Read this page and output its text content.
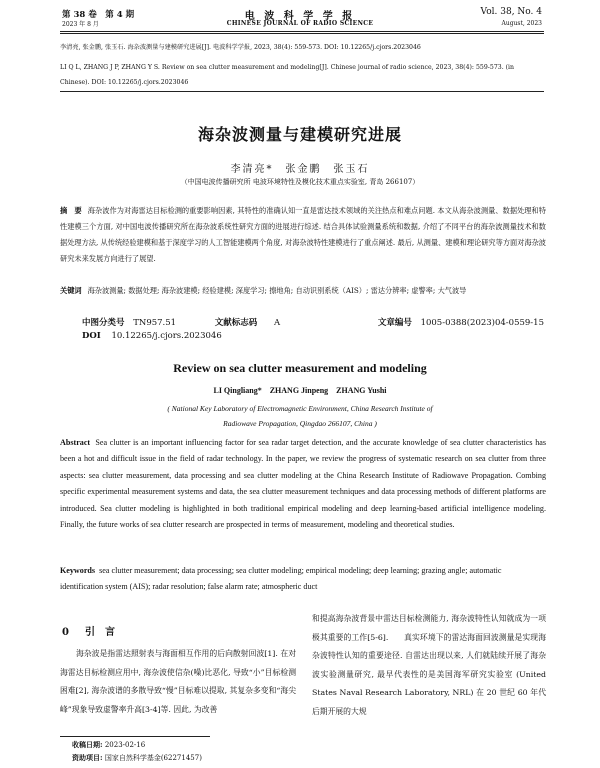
第 38 卷　第 4 期
2023 年 8 月
电 波 科 学 学 报
CHINESE JOURNAL OF RADIO SCIENCE
Vol. 38, No. 4
August, 2023
李清亮, 张金鹏, 张玉石. 海杂波测量与建模研究进展[J]. 电波科学学报, 2023, 38(4): 559-573. DOI: 10.12265/j.cjors.2023046
LI Q L, ZHANG J P, ZHANG Y S. Review on sea clutter measurement and modeling[J]. Chinese journal of radio science, 2023, 38(4): 559-573. (in
Chinese). DOI: 10.12265/j.cjors.2023046
海杂波测量与建模研究进展
李清亮*　张金鹏　张玉石
（中国电波传播研究所 电波环境特性及模化技术重点实验室, 青岛 266107）
摘　要 海杂波作为对海雷达目标检测的重要影响因素, 其特性的准确认知一直是雷达技术领域的关注热点和难点问题. 本文从海杂波测量、数据处理和特性建模三个方面, 对中国电波传播研究所在海杂波系统性研究方面的进展进行综述. 结合具体试验测量系统和数据, 介绍了不同平台的海杂波测量技术和数据处理方法, 从传统经验建模和基于深度学习的人工智能建模两个角度, 对海杂波特性建模进行了重点阐述. 最后, 从测量、建模和理论研究等方面对海杂波研究未来发展方向进行了展望.
关键词 海杂波测量; 数据处理; 海杂波建模; 经验建模; 深度学习; 擦地角; 自动识别系统（AIS）; 雷达分辨率; 虚警率; 大气波导
中图分类号 TN957.51	文献标志码 A	文章编号 1005-0388(2023)04-0559-15
DOI 10.12265/j.cjors.2023046
Review on sea clutter measurement and modeling
LI Qingliang*　ZHANG Jinpeng　ZHANG Yushi
( National Key Laboratory of Electromagnetic Environment, China Research Institute of
Radiowave Propagation, Qingdao 266107, China )
Abstract Sea clutter is an important influencing factor for sea radar target detection, and the accurate knowledge of sea clutter characteristics has been a hot and difficult issue in the field of radar technology. In the paper, we review the progress of systematic research on sea clutter from three aspects: sea clutter measurement, data processing and sea clutter modeling at the China Research Institute of Radiowave Propagation. Combing specific experimental measurement systems and data, the sea clutter measurement techniques and data processing methods of different platforms are introduced. Sea clutter modeling is highlighted in both traditional empirical modeling and deep learning-based artificial intelligence modeling. Finally, the future works of sea clutter research are prospected in terms of measurement, modeling and theoretical studies.
Keywords sea clutter measurement; data processing; sea clutter modeling; empirical modeling; deep learning; grazing angle; automatic identification system (AIS); radar resolution; false alarm rate; atmospheric duct
0 引　言
海杂波是指雷达照射表与海面相互作用的后向散射回波[1]. 在对海雷达目标检测应用中, 海杂波使信杂(噪)比恶化, 导致“小”目标检测困难[2], 海杂波谱的多散导致“慢”目标难以提取, 其复杂多变和“海尖峰”现象导致虚警率升高[3-4]等. 因此, 为改善
和提高海杂波背景中雷达目标检测能力, 海杂波特性认知就成为一项极其重要的工作[5-6].　　真实环境下的雷达海面回波测量是实现海杂波特性认知的重要途径. 自雷达出现以来, 人们就陆续开展了海杂波实验测量研究, 最早代表性的是美国海军研究实验室 (United States Naval Research Laboratory, NRL) 在 20 世纪 60 年代后期开展的大规
收稿日期: 2023-02-16
资助项目: 国家自然科学基金(62271457)
